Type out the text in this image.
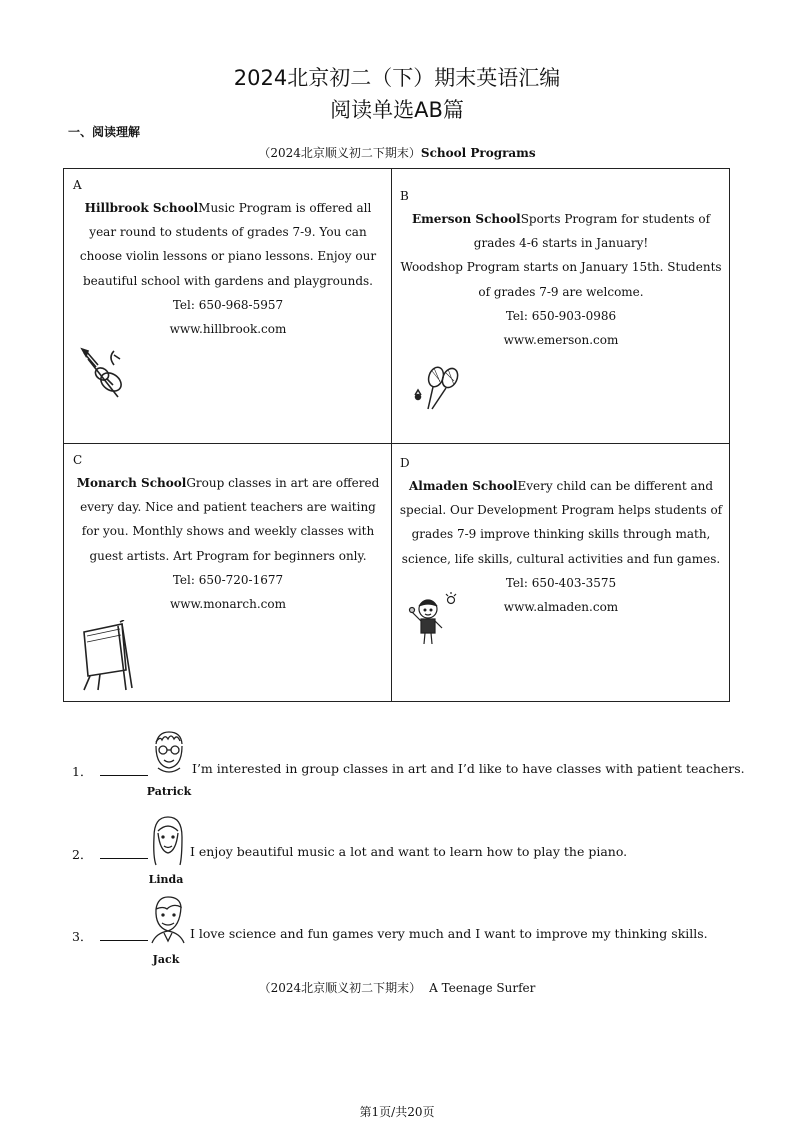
2024北京初二（下）期末英语汇编
阅读单选AB篇
一、阅读理解
（2024北京顺义初二下期末）School Programs
A
Hillbrook SchoolMusic Program is offered all year round to students of grades 7-9. You can choose violin lessons or piano lessons. Enjoy our beautiful school with gardens and playgrounds.
Tel: 650-968-5957
www.hillbrook.com
B
Emerson SchoolSports Program for students of grades 4-6 starts in January!
Woodshop Program starts on January 15th. Students of grades 7-9 are welcome.
Tel: 650-903-0986
www.emerson.com
C
Monarch SchoolGroup classes in art are offered every day. Nice and patient teachers are waiting for you. Monthly shows and weekly classes with guest artists. Art Program for beginners only.
Tel: 650-720-1677
www.monarch.com
D
Almaden SchoolEvery child can be different and special. Our Development Program helps students of grades 7-9 improve thinking skills through math, science, life skills, cultural activities and fun games.
Tel: 650-403-3575
www.almaden.com
1．
Patrick
I’m interested in group classes in art and I’d like to have classes with patient teachers.
2．
Linda
I enjoy beautiful music a lot and want to learn how to play the piano.
3．
Jack
I love science and fun games very much and I want to improve my thinking skills.
（2024北京顺义初二下期末） A Teenage Surfer
第1页/共20页
